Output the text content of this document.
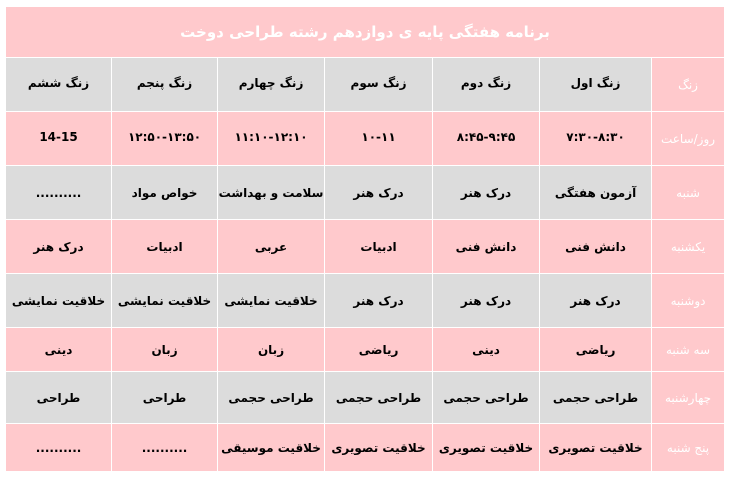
برنامه هفتگی پایه ی دوازدهم رشته طراحی دوخت						
زنگ	زنگ اول	زنگ دوم	زنگ سوم	زنگ چهارم	زنگ پنجم	زنگ ششم
روز/ساعت	۷:۳۰-۸:۳۰	۸:۴۵-۹:۴۵	۱۰-۱۱	۱۱:۱۰-۱۲:۱۰	۱۲:۵۰-۱۳:۵۰	14-15
شنبه	آزمون هفتگی	درک هنر	درک هنر	سلامت و بهداشت	خواص مواد	..........
یکشنبه	دانش فنی	دانش فنی	ادبیات	عربی	ادبیات	درک هنر
دوشنبه	درک هنر	درک هنر	درک هنر	خلاقیت نمایشی	خلاقیت نمایشی	خلاقیت نمایشی
سه شنبه	ریاضی	دینی	ریاضی	زبان	زبان	دینی
چهارشنبه	طراحی حجمی	طراحی حجمی	طراحی حجمی	طراحی حجمی	طراحی	طراحی
پنج شنبه	خلاقیت تصویری	خلاقیت تصویری	خلاقیت تصویری	خلاقیت موسیقی	..........	..........
